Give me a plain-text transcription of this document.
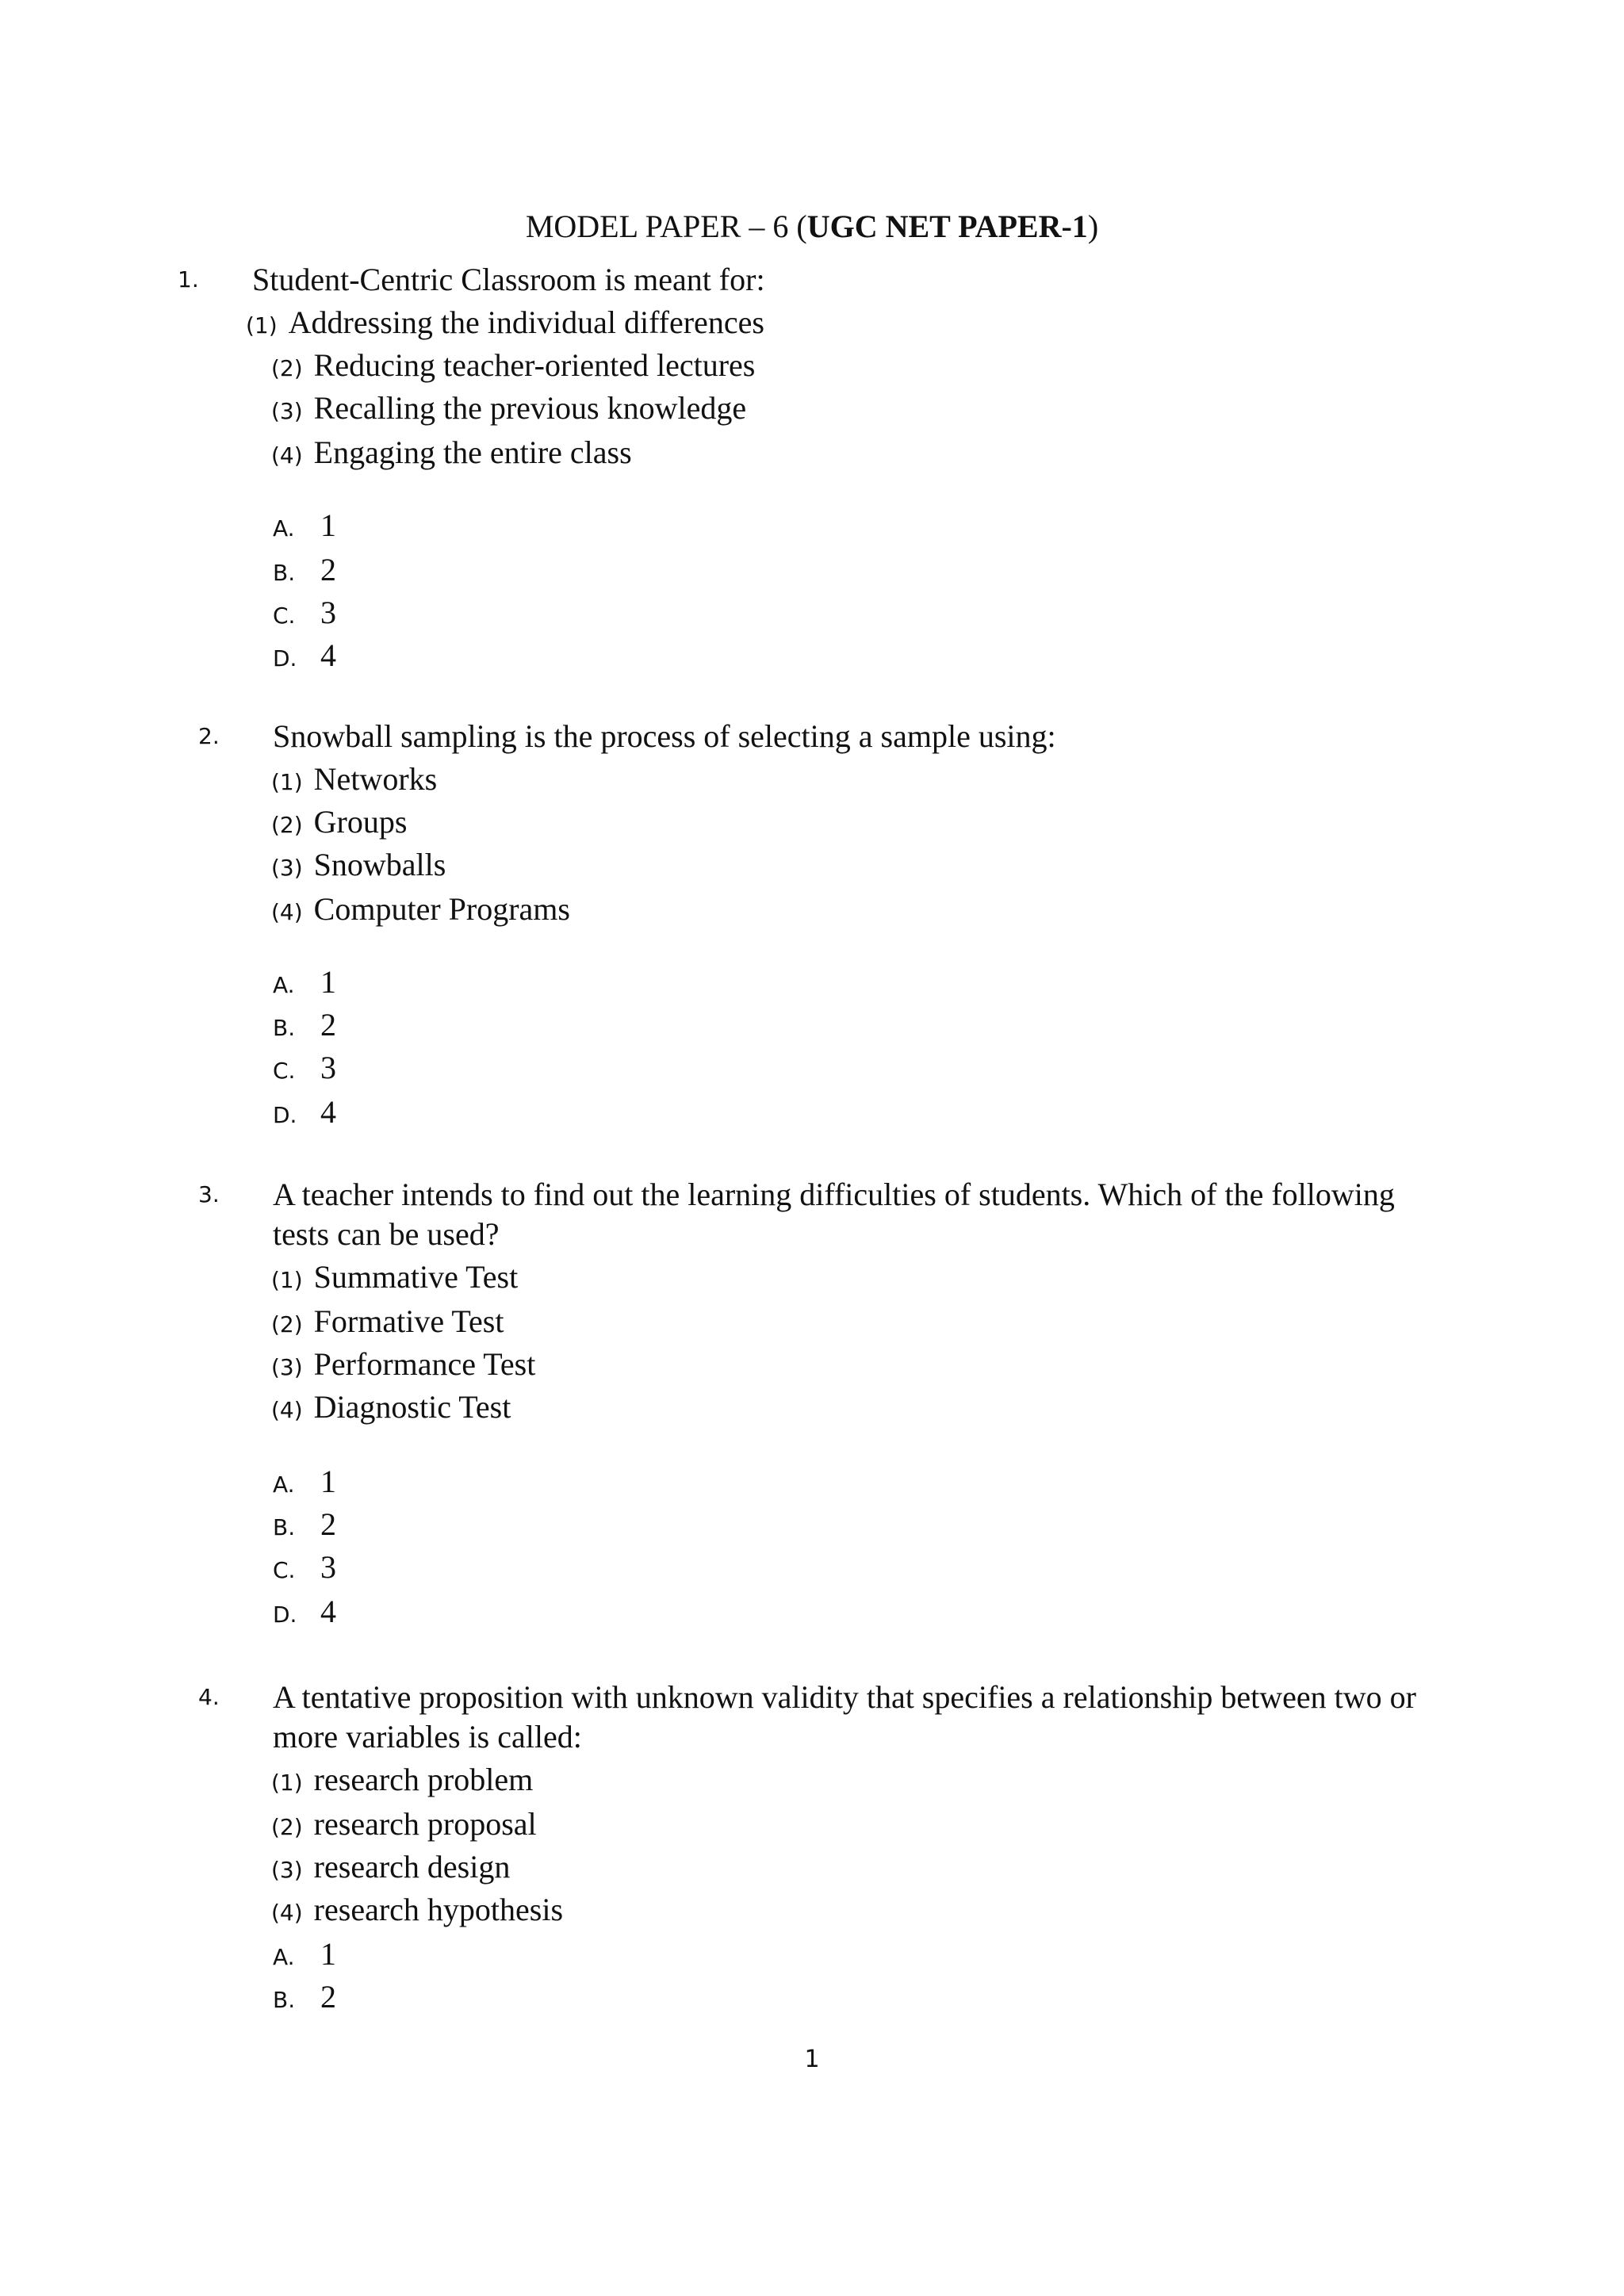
MODEL PAPER – 6 (UGC NET PAPER-1)
1. Student-Centric Classroom is meant for:
(1) Addressing the individual differences
(2) Reducing teacher-oriented lectures
(3) Recalling the previous knowledge
(4) Engaging the entire class
A. 1
B. 2
C. 3
D. 4
2. Snowball sampling is the process of selecting a sample using:
(1) Networks
(2) Groups
(3) Snowballs
(4) Computer Programs
A. 1
B. 2
C. 3
D. 4
3. A teacher intends to find out the learning difficulties of students. Which of the following
tests can be used?
(1) Summative Test
(2) Formative Test
(3) Performance Test
(4) Diagnostic Test
A. 1
B. 2
C. 3
D. 4
4. A tentative proposition with unknown validity that specifies a relationship between two or
more variables is called:
(1) research problem
(2) research proposal
(3) research design
(4) research hypothesis
A. 1
B. 2
1
